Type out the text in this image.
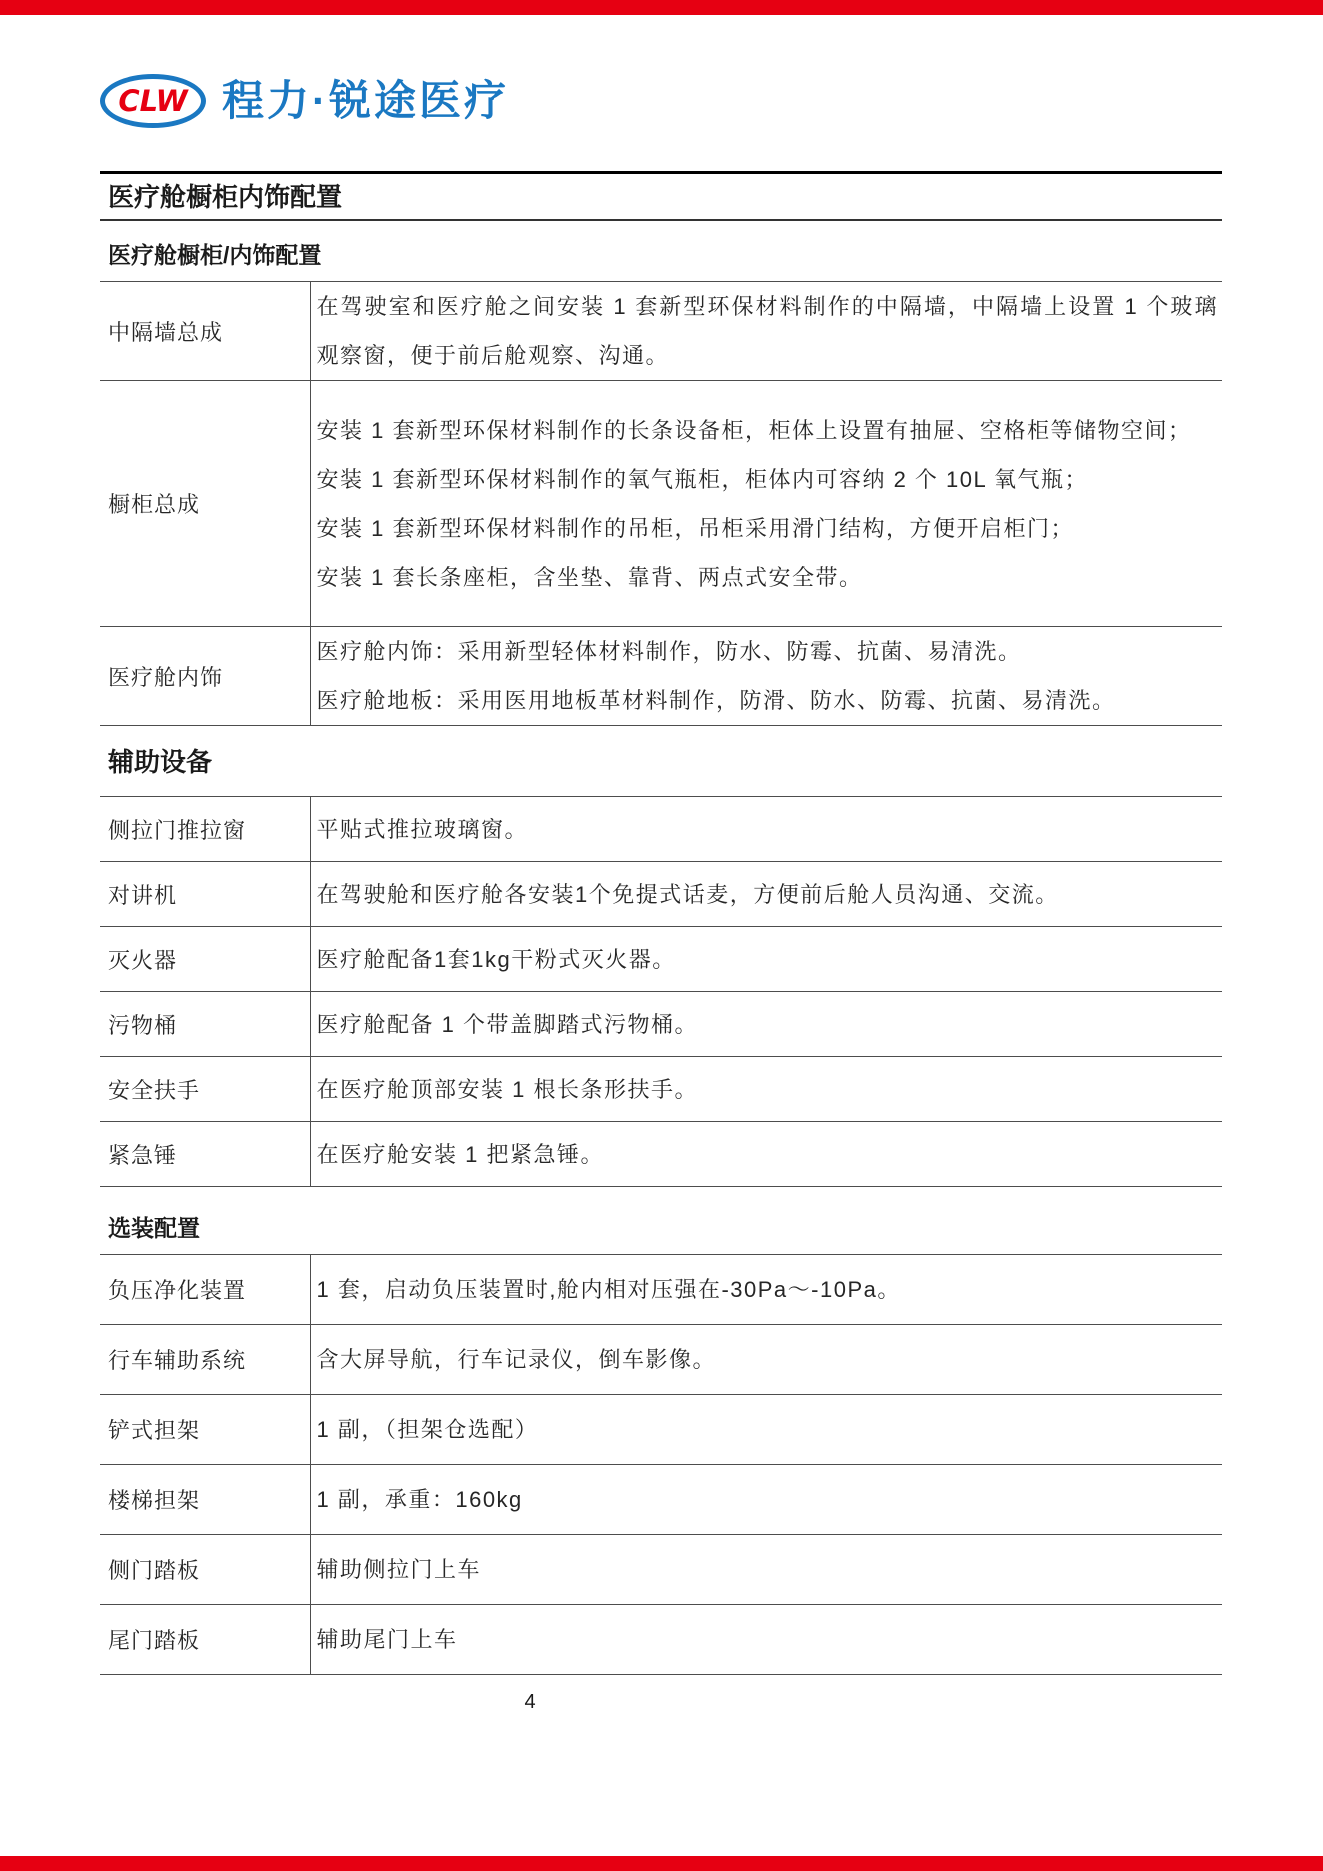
CLW 程力·锐途医疗
医疗舱橱柜内饰配置
医疗舱橱柜/内饰配置
中隔墙总成	在驾驶室和医疗舱之间安装 1 套新型环保材料制作的中隔墙，中隔墙上设置 1 个玻璃观察窗，便于前后舱观察、沟通。

橱柜总成	安装 1 套新型环保材料制作的长条设备柜，柜体上设置有抽屉、空格柜等储物空间；

安装 1 套新型环保材料制作的氧气瓶柜，柜体内可容纳 2 个 10L 氧气瓶；

安装 1 套新型环保材料制作的吊柜，吊柜采用滑门结构，方便开启柜门；

安装 1 套长条座柜，含坐垫、靠背、两点式安全带。

医疗舱内饰	医疗舱内饰：采用新型轻体材料制作，防水、防霉、抗菌、易清洗。

医疗舱地板：采用医用地板革材料制作，防滑、防水、防霉、抗菌、易清洗。

辅助设备
侧拉门推拉窗	平贴式推拉玻璃窗。

对讲机	在驾驶舱和医疗舱各安装1个免提式话麦，方便前后舱人员沟通、交流。

灭火器	医疗舱配备1套1kg干粉式灭火器。

污物桶	医疗舱配备 1 个带盖脚踏式污物桶。

安全扶手	在医疗舱顶部安装 1 根长条形扶手。

紧急锤	在医疗舱安装 1 把紧急锤。

选装配置
负压净化装置	1 套，启动负压装置时,舱内相对压强在-30Pa～-10Pa。

行车辅助系统	含大屏导航，行车记录仪，倒车影像。

铲式担架	1 副，（担架仓选配）

楼梯担架	1 副，承重：160kg

侧门踏板	辅助侧拉门上车

尾门踏板	辅助尾门上车

4
